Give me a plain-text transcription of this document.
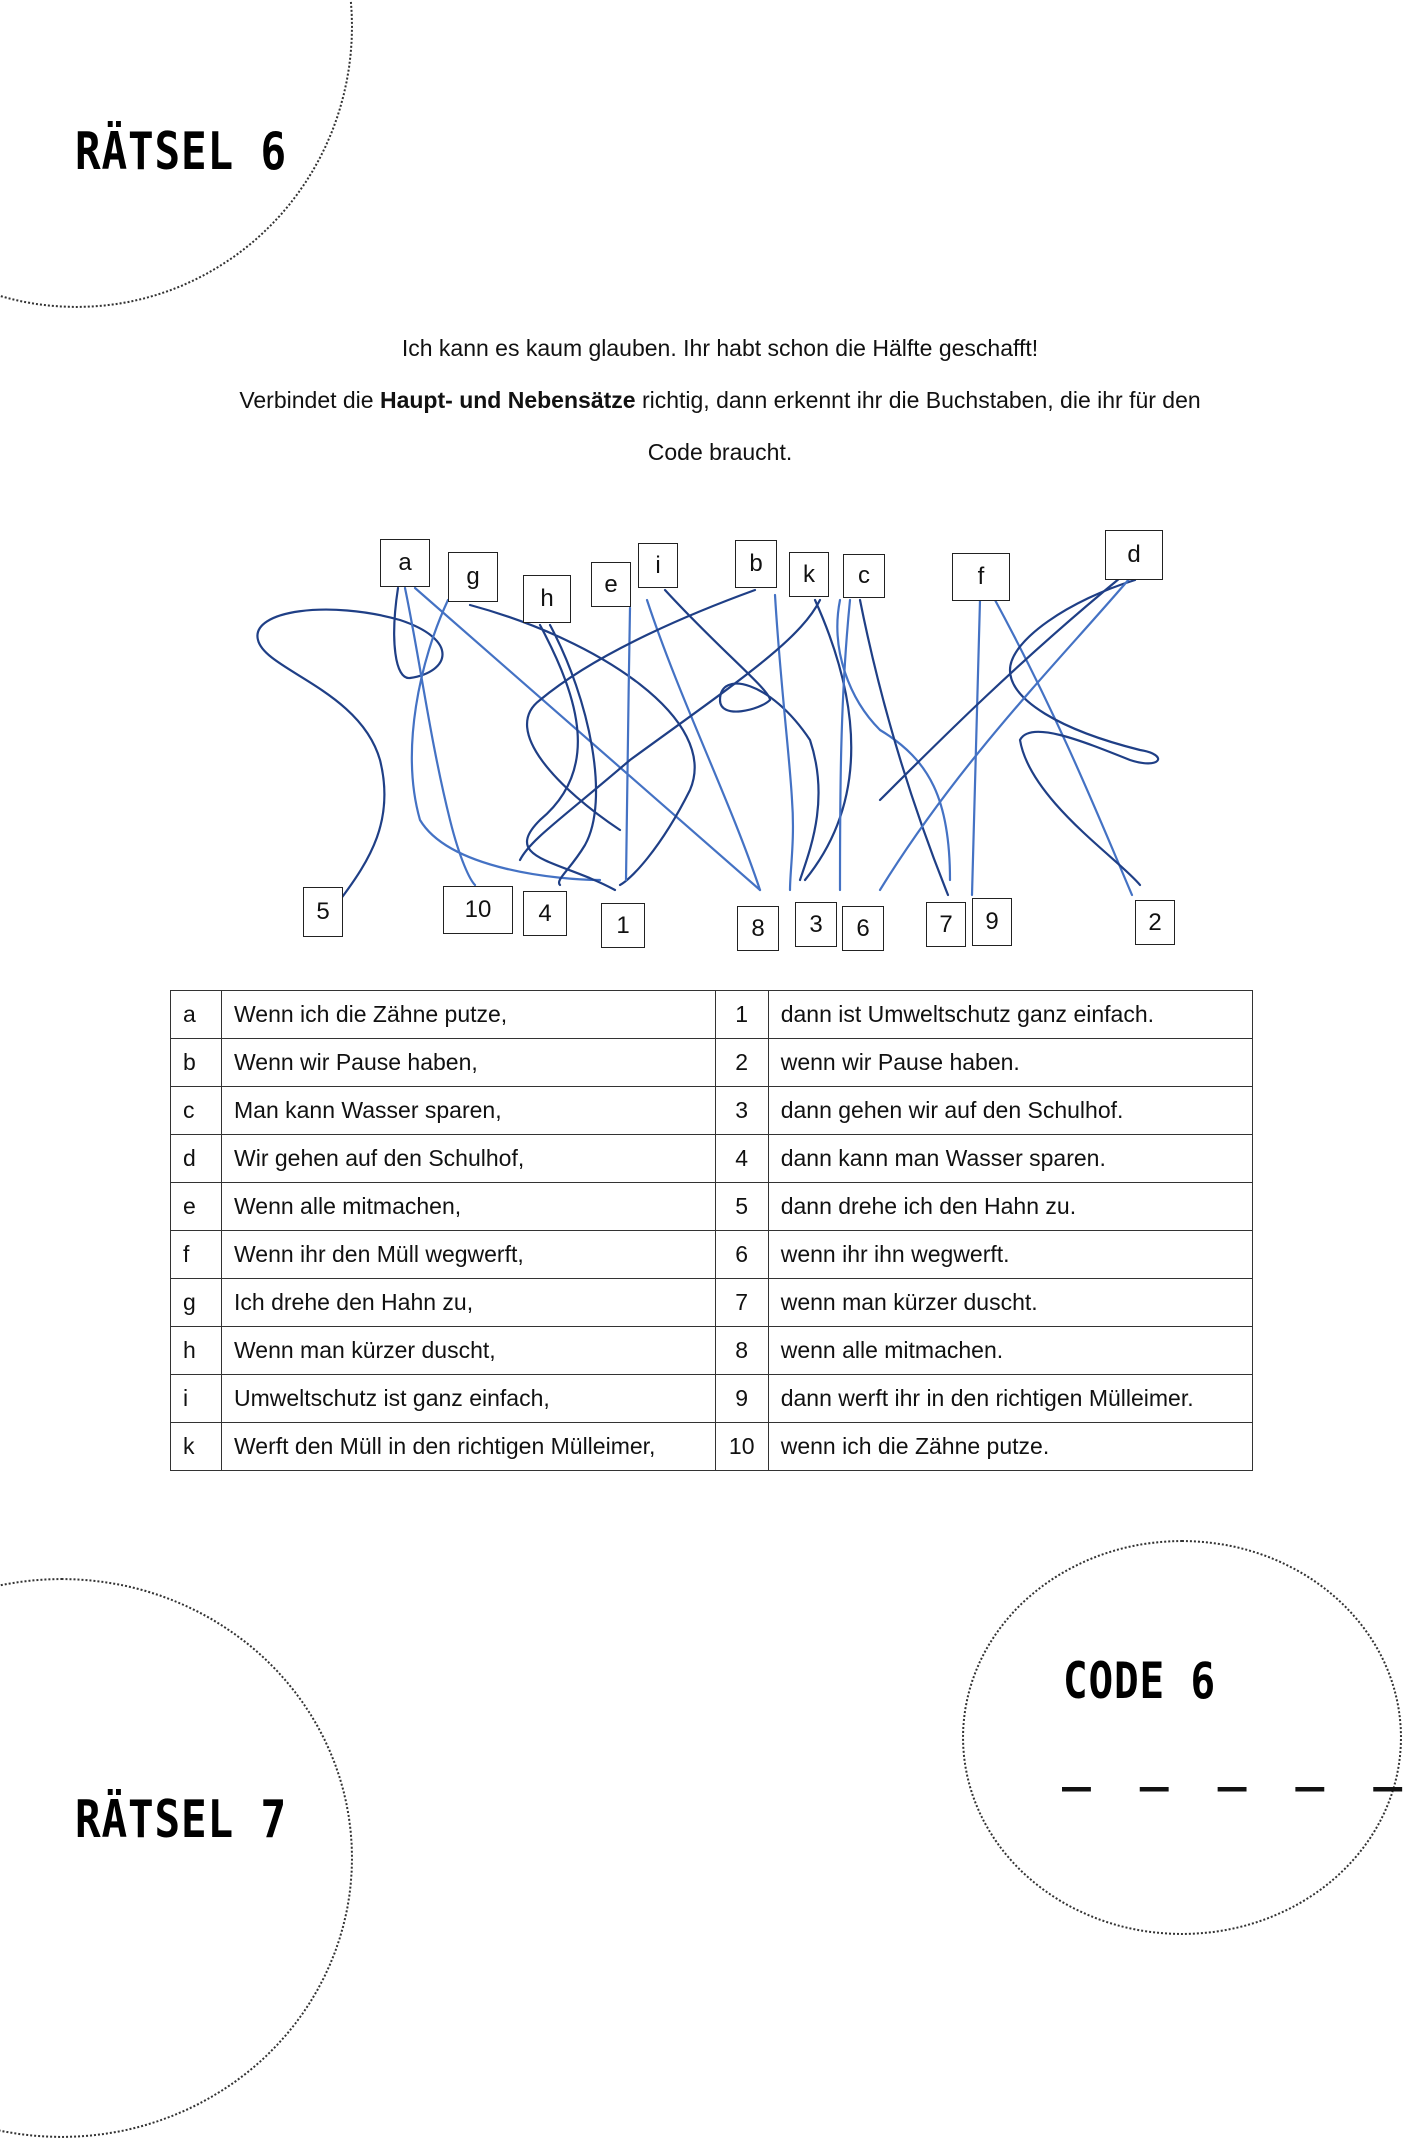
RÄTSEL 6
RÄTSEL 7
CODE 6
_ _ _ _ _

Ich kann es kaum glauben. Ihr habt schon die Hälfte geschafft!

Verbindet die Haupt- und Nebensätze richtig, dann erkennt ihr die Buchstaben, die ihr für den

Code braucht.

a
g
h
e
i	b	k	c	f
d
5	10	4	1	8	3	6	7	9	2
a	Wenn ich die Zähne putze,	1	dann ist Umweltschutz ganz einfach.
b	Wenn wir Pause haben,	2	wenn wir Pause haben.
c	Man kann Wasser sparen,	3	dann gehen wir auf den Schulhof.
d	Wir gehen auf den Schulhof,	4	dann kann man Wasser sparen.
e	Wenn alle mitmachen,	5	dann drehe ich den Hahn zu.
f	Wenn ihr den Müll wegwerft,	6	wenn ihr ihn wegwerft.
g	Ich drehe den Hahn zu,	7	wenn man kürzer duscht.
h	Wenn man kürzer duscht,	8	wenn alle mitmachen.
i	Umweltschutz ist ganz einfach,	9	dann werft ihr in den richtigen Mülleimer.
k	Werft den Müll in den richtigen Mülleimer,	10	wenn ich die Zähne putze.
